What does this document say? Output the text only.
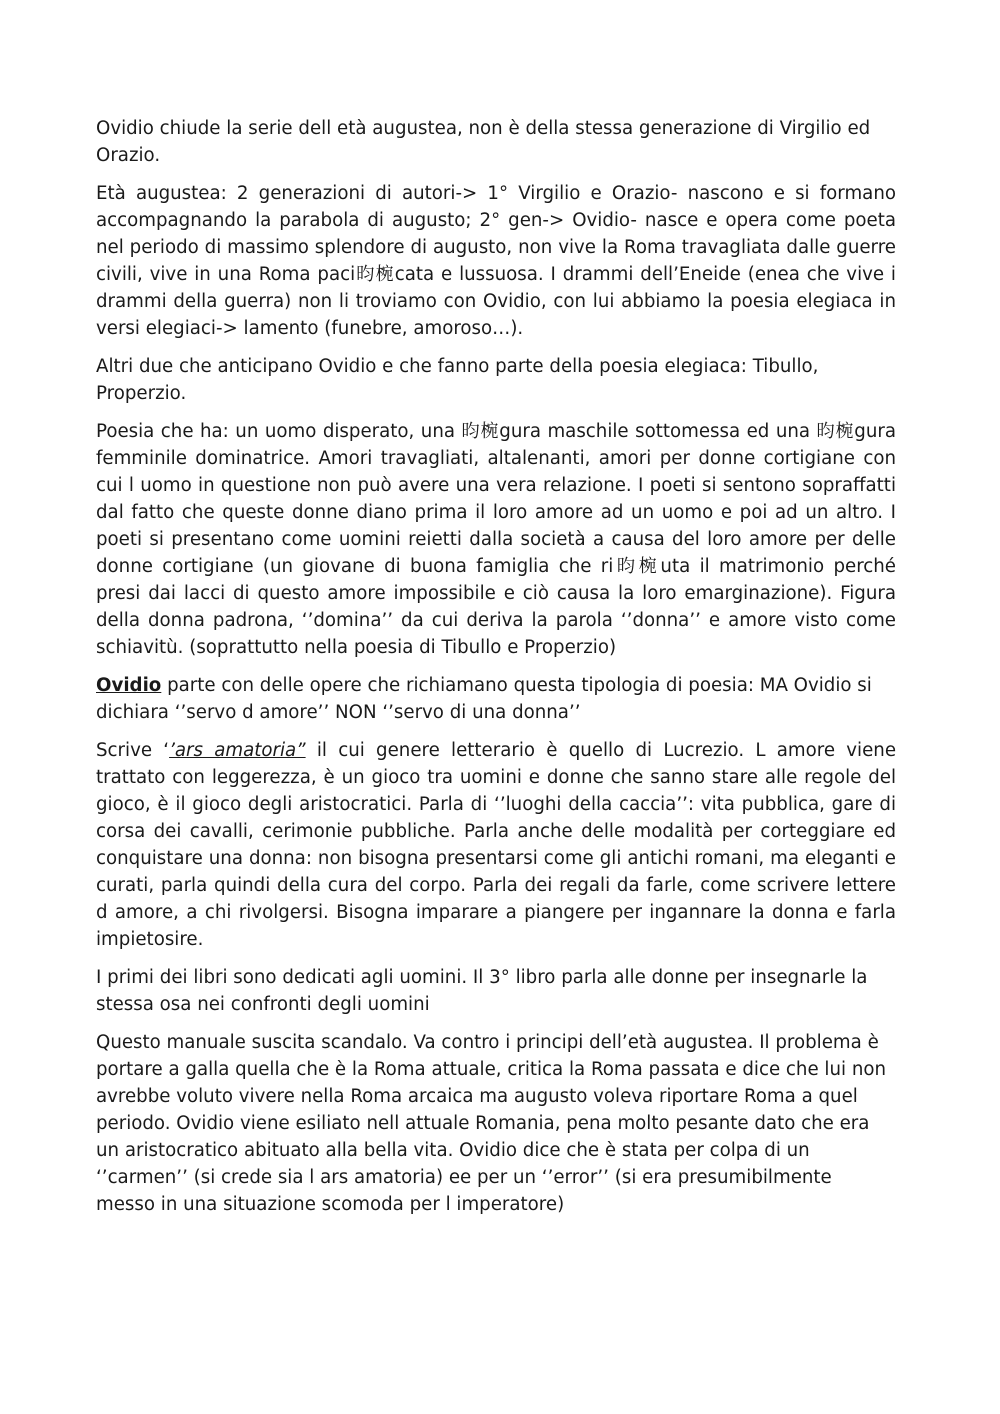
Ovidio chiude la serie dell età augustea, non è della stessa generazione di Virgilio ed Orazio.

Età augustea: 2 generazioni di autori-> 1° Virgilio e Orazio- nascono e si formano accompagnando la parabola di augusto; 2° gen-> Ovidio- nasce e opera come poeta nel periodo di massimo splendore di augusto, non vive la Roma travagliata dalle guerre civili, vive in una Roma paci昀椀cata e lussuosa. I drammi dell’Eneide (enea che vive i drammi della guerra) non li troviamo con Ovidio, con lui abbiamo la poesia elegiaca in versi elegiaci-> lamento (funebre, amoroso…).

Altri due che anticipano Ovidio e che fanno parte della poesia elegiaca: Tibullo, Properzio.

Poesia che ha: un uomo disperato, una 昀椀gura maschile sottomessa ed una 昀椀gura femminile dominatrice. Amori travagliati, altalenanti, amori per donne cortigiane con cui l uomo in questione non può avere una vera relazione. I poeti si sentono sopraffatti dal fatto che queste donne diano prima il loro amore ad un uomo e poi ad un altro. I poeti si presentano come uomini reietti dalla società a causa del loro amore per delle donne cortigiane (un giovane di buona famiglia che ri昀椀uta il matrimonio perché presi dai lacci di questo amore impossibile e ciò causa la loro emarginazione). Figura della donna padrona, ‘’domina’’ da cui deriva la parola ‘’donna’’ e amore visto come schiavitù. (soprattutto nella poesia di Tibullo e Properzio)

Ovidio parte con delle opere che richiamano questa tipologia di poesia: MA Ovidio si dichiara ‘’servo d amore’’ NON ‘’servo di una donna’’

Scrive ‘’ars amatoria” il cui genere letterario è quello di Lucrezio. L amore viene trattato con leggerezza, è un gioco tra uomini e donne che sanno stare alle regole del gioco, è il gioco degli aristocratici. Parla di ‘’luoghi della caccia’’: vita pubblica, gare di corsa dei cavalli, cerimonie pubbliche. Parla anche delle modalità per corteggiare ed conquistare una donna: non bisogna presentarsi come gli antichi romani, ma eleganti e curati, parla quindi della cura del corpo. Parla dei regali da farle, come scrivere lettere d amore, a chi rivolgersi. Bisogna imparare a piangere per ingannare la donna e farla impietosire.

I primi dei libri sono dedicati agli uomini. Il 3° libro parla alle donne per insegnarle la stessa osa nei confronti degli uomini

Questo manuale suscita scandalo. Va contro i principi dell’età augustea. Il problema è portare a galla quella che è la Roma attuale, critica la Roma passata e dice che lui non avrebbe voluto vivere nella Roma arcaica ma augusto voleva riportare Roma a quel periodo. Ovidio viene esiliato nell attuale Romania, pena molto pesante dato che era un aristocratico abituato alla bella vita. Ovidio dice che è stata per colpa di un ‘’carmen’’ (si crede sia l ars amatoria) ee per un ‘’error’’ (si era presumibilmente messo in una situazione scomoda per l imperatore)
